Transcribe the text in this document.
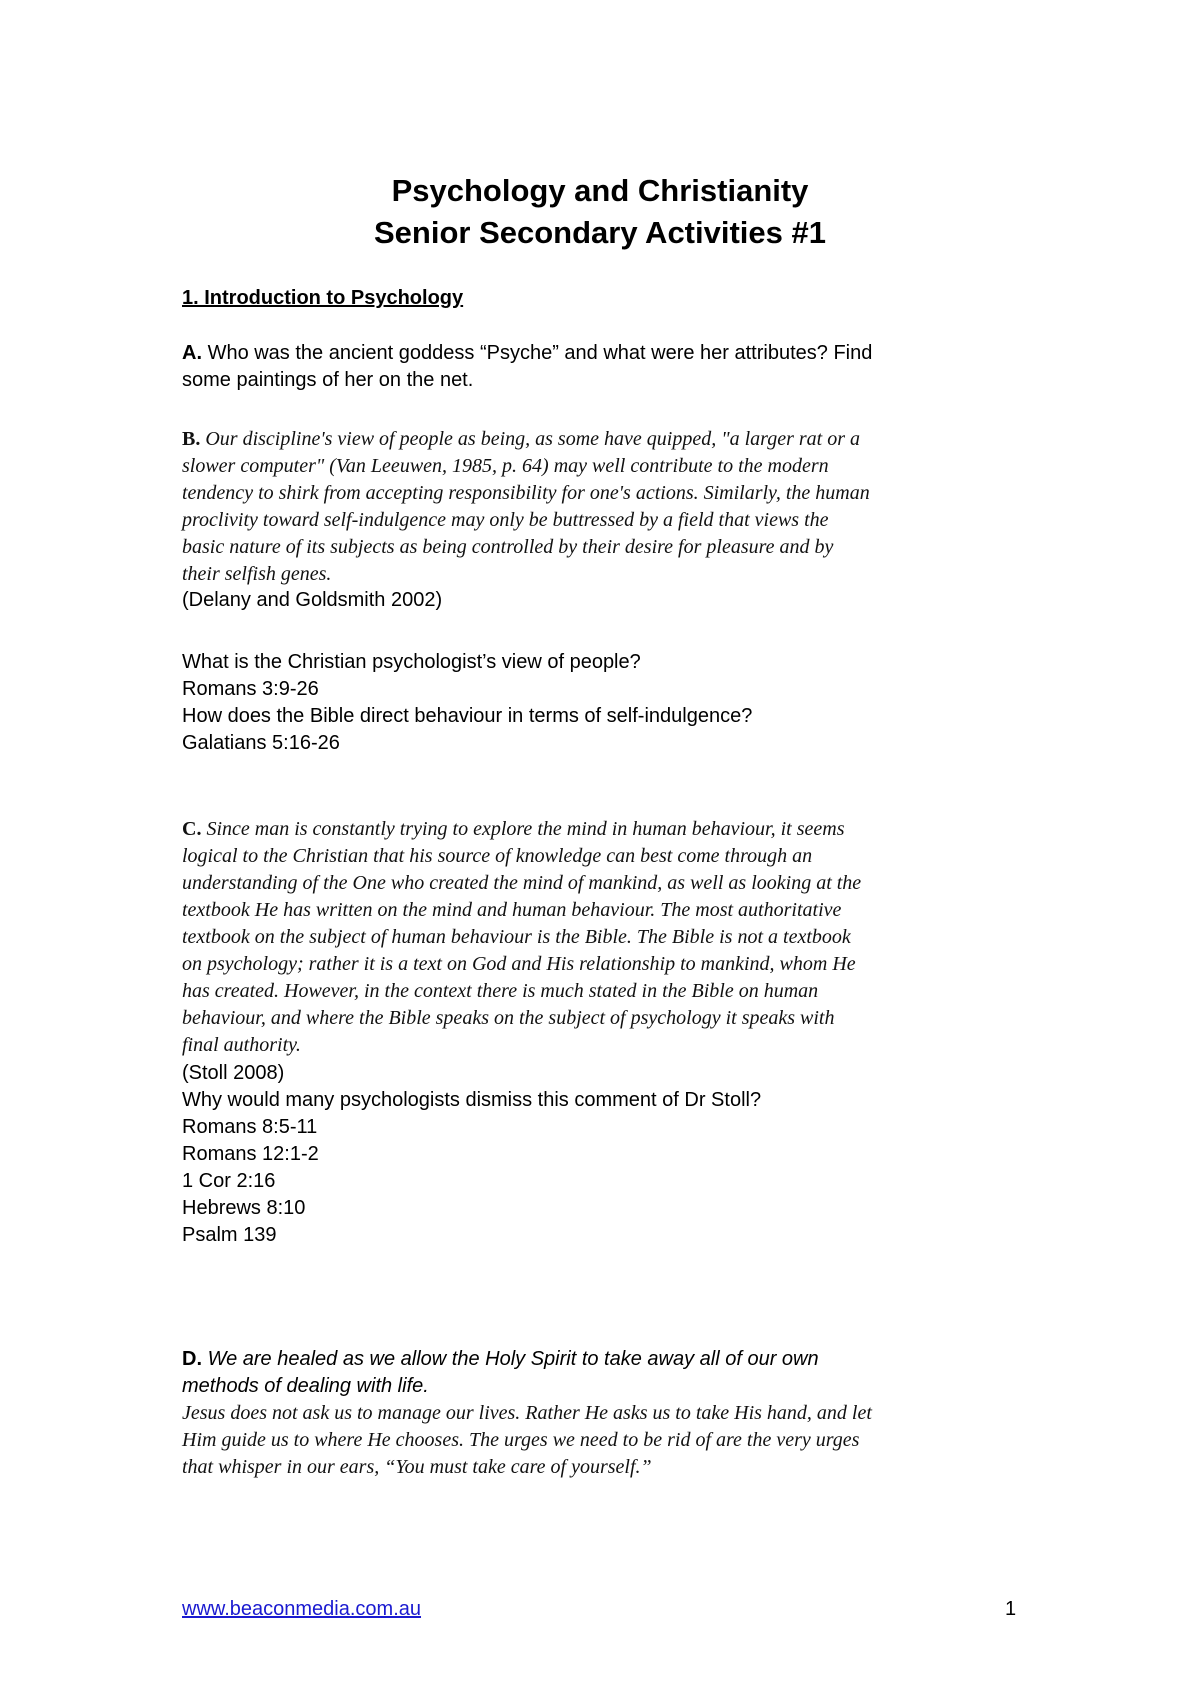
Psychology and Christianity
Senior Secondary Activities #1
1. Introduction to Psychology
A. Who was the ancient goddess “Psyche” and what were her attributes? Find
some paintings of her on the net.
B. Our discipline's view of people as being, as some have quipped, "a larger rat or a
slower computer" (Van Leeuwen, 1985, p. 64) may well contribute to the modern
tendency to shirk from accepting responsibility for one's actions. Similarly, the human
proclivity toward self-indulgence may only be buttressed by a field that views the
basic nature of its subjects as being controlled by their desire for pleasure and by
their selfish genes.
(Delany and Goldsmith 2002)
What is the Christian psychologist’s view of people?
Romans 3:9-26
How does the Bible direct behaviour in terms of self-indulgence?
Galatians 5:16-26
C. Since man is constantly trying to explore the mind in human behaviour, it seems
logical to the Christian that his source of knowledge can best come through an
understanding of the One who created the mind of mankind, as well as looking at the
textbook He has written on the mind and human behaviour. The most authoritative
textbook on the subject of human behaviour is the Bible. The Bible is not a textbook
on psychology; rather it is a text on God and His relationship to mankind, whom He
has created. However, in the context there is much stated in the Bible on human
behaviour, and where the Bible speaks on the subject of psychology it speaks with
final authority.
(Stoll 2008)
Why would many psychologists dismiss this comment of Dr Stoll?
Romans 8:5-11
Romans 12:1-2
1 Cor 2:16
Hebrews 8:10
Psalm 139
D. We are healed as we allow the Holy Spirit to take away all of our own
methods of dealing with life.
Jesus does not ask us to manage our lives. Rather He asks us to take His hand, and let
Him guide us to where He chooses. The urges we need to be rid of are the very urges
that whisper in our ears, “You must take care of yourself.”
www.beaconmedia.com.au	1
